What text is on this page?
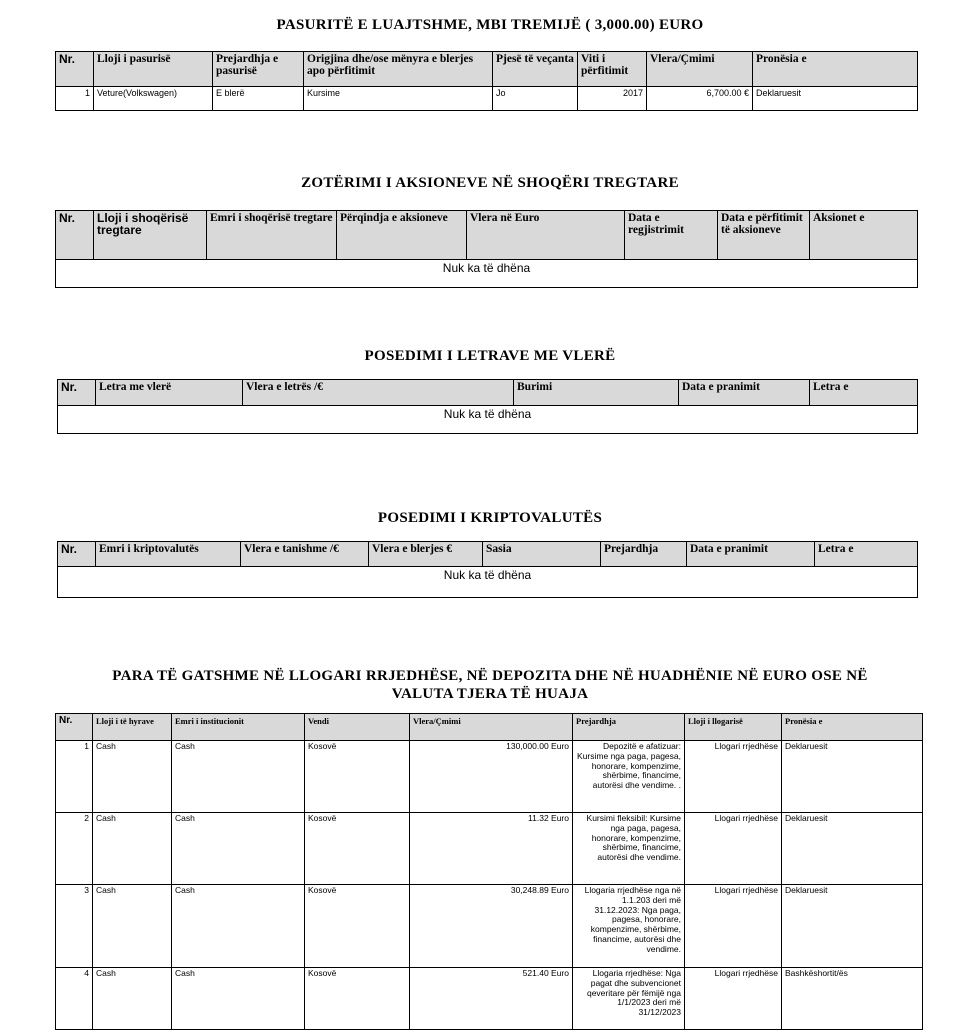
PASURITË E LUAJTSHME, MBI TREMIJË ( 3,000.00) EURO
Nr.	Lloji i pasurisë	Prejardhja e pasurisë	Origjina dhe/ose mënyra e blerjes apo përfitimit	Pjesë të veçanta	Viti i përfitimit	Vlera/Çmimi	Pronësia e
1	Veture(Volkswagen)	E blerë	Kursime	Jo	2017	6,700.00 €	Deklaruesit
ZOTËRIMI I AKSIONEVE NË SHOQËRI TREGTARE
Nr.	Lloji i shoqërisë tregtare	Emri i shoqërisë tregtare	Përqindja e aksioneve	Vlera në Euro	Data e regjistrimit	Data e përfitimit të aksioneve	Aksionet e
Nuk ka të dhëna
POSEDIMI I LETRAVE ME VLERË
Nr.	Letra me vlerë	Vlera e letrës /€	Burimi	Data e pranimit	Letra e
Nuk ka të dhëna
POSEDIMI I KRIPTOVALUTËS
Nr.	Emri i kriptovalutës	Vlera e tanishme /€	Vlera e blerjes €	Sasia	Prejardhja	Data e pranimit	Letra e
Nuk ka të dhëna
PARA TË GATSHME NË LLOGARI RRJEDHËSE, NË DEPOZITA DHE NË HUADHËNIE NË EURO OSE NË VALUTA TJERA TË HUAJA
Nr.	Lloji i të hyrave	Emri i institucionit	Vendi	Vlera/Çmimi	Prejardhja	Lloji i llogarisë	Pronësia e
1	Cash	Cash	Kosovë	130,000.00 Euro	Depozitë e afatizuar: Kursime nga paga, pagesa, honorare, kompenzime, shërbime, financime, autorësi dhe vendime. .	Llogari rrjedhëse	Deklaruesit
2	Cash	Cash	Kosovë	11.32 Euro	Kursimi fleksibil: Kursime nga paga, pagesa, honorare, kompenzime, shërbime, financime, autorësi dhe vendime.	Llogari rrjedhëse	Deklaruesit
3	Cash	Cash	Kosovë	30,248.89 Euro	Llogaria rrjedhëse nga në 1.1.203 deri më 31.12.2023: Nga paga, pagesa, honorare, kompenzime, shërbime, financime, autorësi dhe vendime.	Llogari rrjedhëse	Deklaruesit
4	Cash	Cash	Kosovë	521.40 Euro	Llogaria rrjedhëse: Nga pagat dhe subvencionet qeveritare për fëmijë nga 1/1/2023 deri më 31/12/2023	Llogari rrjedhëse	Bashkëshortit/ës
